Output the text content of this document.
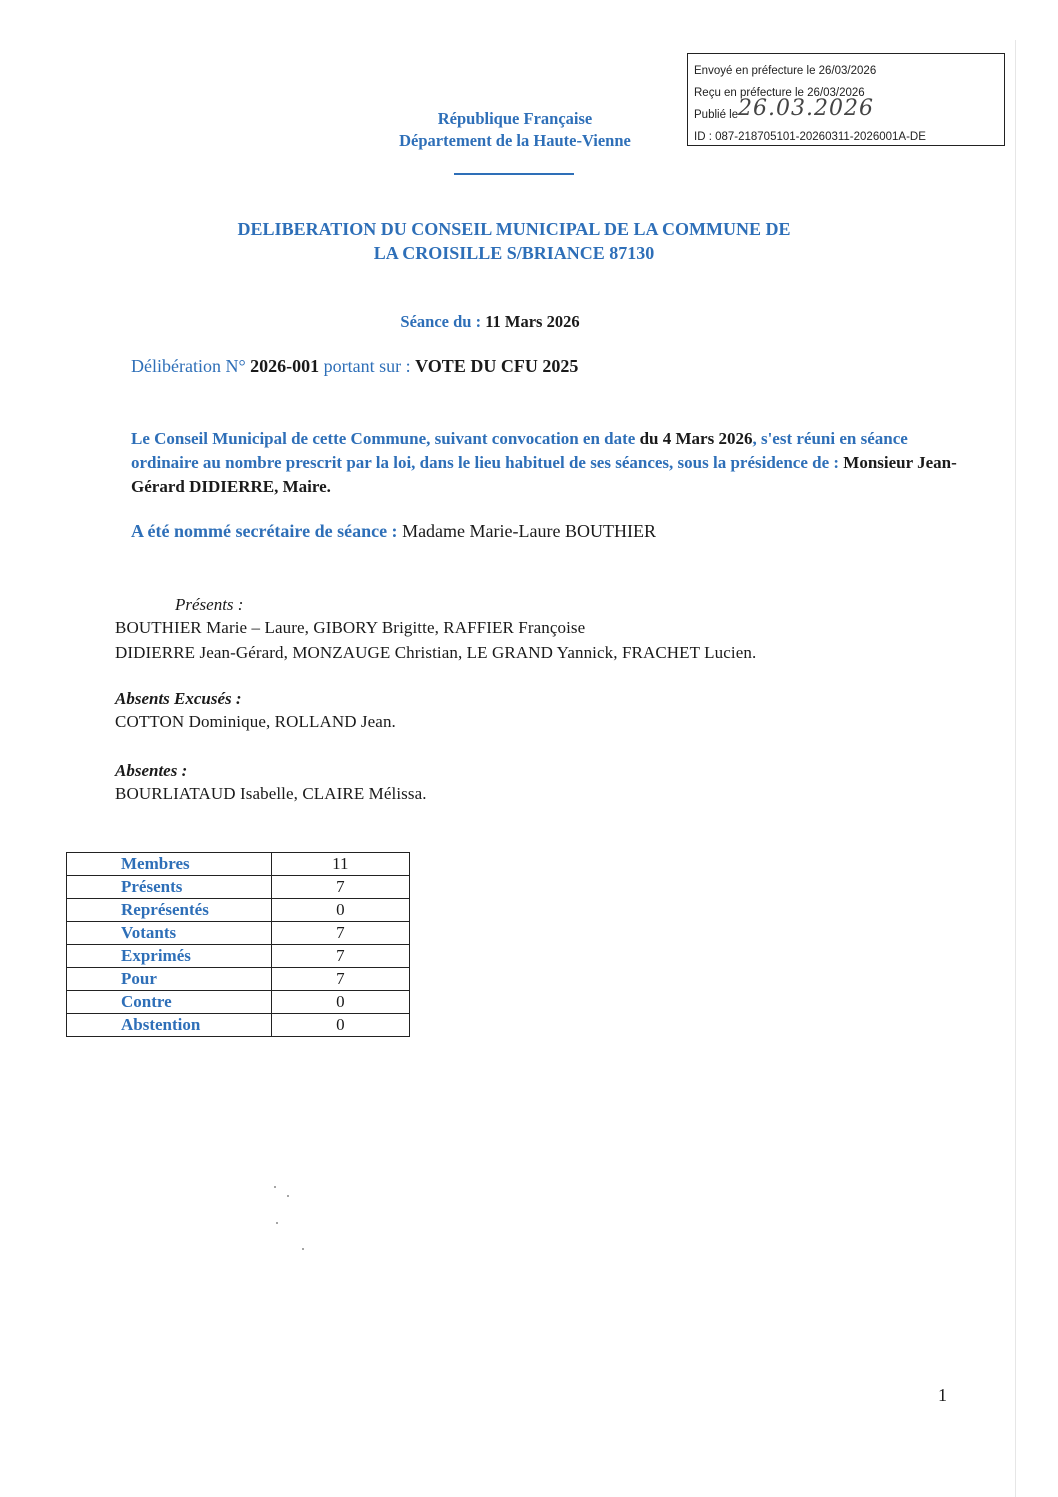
Envoyé en préfecture le 26/03/2026
Reçu en préfecture le 26/03/2026
Publié le 26.03.2026
ID : 087-218705101-20260311-2026001A-DE
République Française
Département de la Haute-Vienne
DELIBERATION DU CONSEIL MUNICIPAL DE LA COMMUNE DE
LA CROISILLE S/BRIANCE 87130
Séance du : 11 Mars 2026
Délibération N° 2026-001 portant sur : VOTE DU CFU 2025
Le Conseil Municipal de cette Commune, suivant convocation en date du 4 Mars 2026, s'est réuni en séance ordinaire au nombre prescrit par la loi, dans le lieu habituel de ses séances, sous la présidence de : Monsieur Jean-Gérard DIDIERRE, Maire.
A été nommé secrétaire de séance : Madame Marie-Laure BOUTHIER
Présents :
BOUTHIER Marie – Laure, GIBORY Brigitte, RAFFIER Françoise
DIDIERRE Jean-Gérard, MONZAUGE Christian, LE GRAND Yannick, FRACHET Lucien.
Absents Excusés :
COTTON Dominique, ROLLAND Jean.
Absentes :
BOURLIATAUD Isabelle, CLAIRE Mélissa.
Membres	11
Présents	7
Représentés	0
Votants	7
Exprimés	7
Pour	7
Contre	0
Abstention	0
1
